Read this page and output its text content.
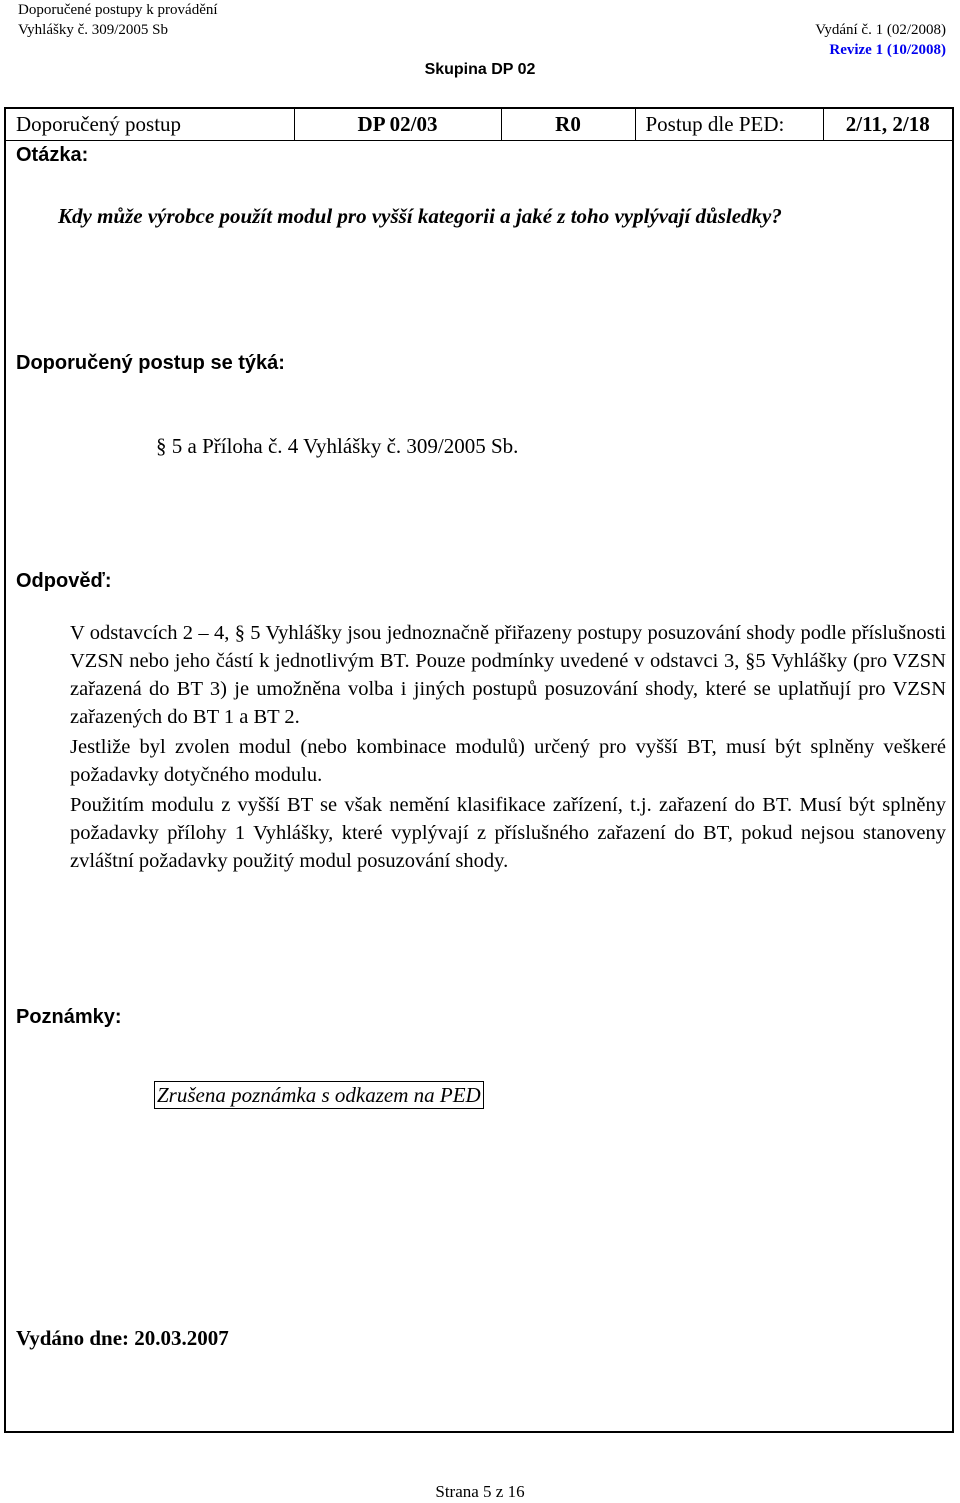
Doporučené postupy k provádění
Vyhlášky č. 309/2005 Sb	Vydání č. 1 (02/2008)
Revize 1 (10/2008)
Skupina DP 02
Doporučený postup	DP 02/03	R0	Postup dle PED:	2/11, 2/18
Otázka:
Kdy může výrobce použít modul pro vyšší kategorii a jaké z toho vyplývají důsledky?
Doporučený postup se týká:
§ 5 a Příloha č. 4 Vyhlášky č. 309/2005 Sb.
Odpověď:

V odstavcích 2 – 4, § 5 Vyhlášky jsou jednoznačně přiřazeny postupy posuzování shody podle příslušnosti VZSN nebo jeho částí k jednotlivým BT. Pouze podmínky uvedené v odstavci 3, §5 Vyhlášky (pro VZSN zařazená do BT 3) je umožněna volba i jiných postupů posuzování shody, které se uplatňují pro VZSN zařazených do BT 1 a BT 2.

Jestliže byl zvolen modul (nebo kombinace modulů) určený pro vyšší BT, musí být splněny veškeré požadavky dotyčného modulu.

Použitím modulu z vyšší BT se však nemění klasifikace zařízení, t.j. zařazení do BT. Musí být splněny požadavky přílohy 1 Vyhlášky, které vyplývají z příslušného zařazení do BT, pokud nejsou stanoveny zvláštní požadavky použitý modul posuzování shody.

Poznámky:
Zrušena poznámka s odkazem na PED
Vydáno dne: 20.03.2007
Strana 5 z 16
